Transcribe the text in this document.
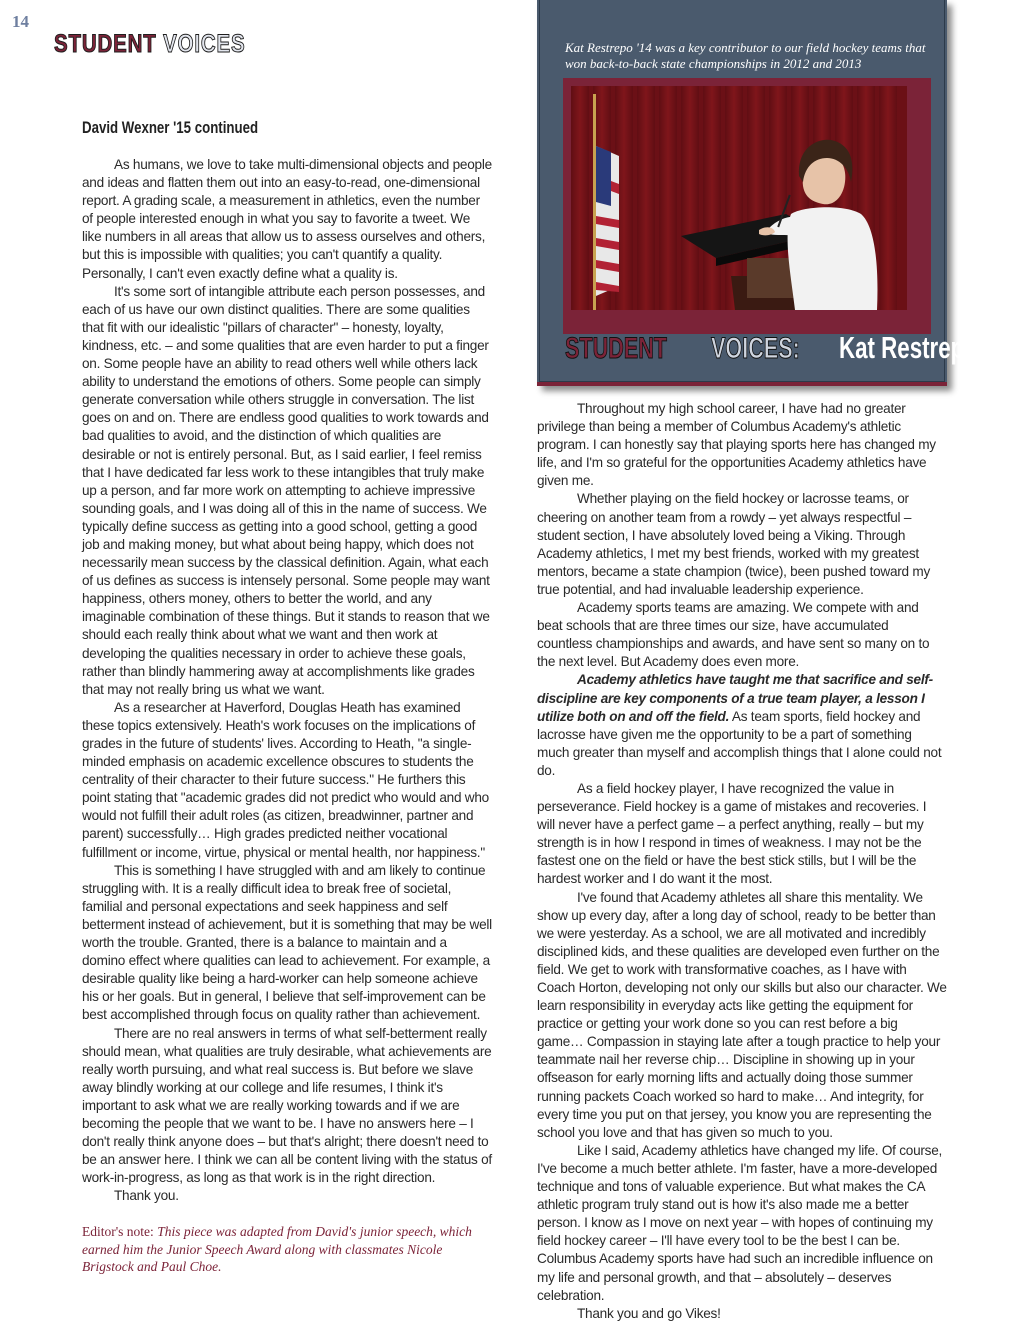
14
STUDENT VOICES
David Wexner '15 continued

As humans, we love to take multi-dimensional objects and people and ideas and flatten them out into an easy-to-read, one-dimensional report. A grading scale, a measurement in athletics, even the number of people interested enough in what you say to favorite a tweet. We like numbers in all areas that allow us to assess ourselves and others, but this is impossible with qualities; you can't quantify a quality. Personally, I can't even exactly define what a quality is.

It's some sort of intangible attribute each person possesses, and each of us have our own distinct qualities. There are some qualities that fit with our idealistic "pillars of character" – honesty, loyalty, kindness, etc. – and some qualities that are even harder to put a finger on. Some people have an ability to read others well while others lack ability to understand the emotions of others. Some people can simply generate conversation while others struggle in conversation. The list goes on and on. There are endless good qualities to work towards and bad qualities to avoid, and the distinction of which qualities are desirable or not is entirely personal. But, as I said earlier, I feel remiss that I have dedicated far less work to these intangibles that truly make up a person, and far more work on attempting to achieve impressive sounding goals, and I was doing all of this in the name of success. We typically define success as getting into a good school, getting a good job and making money, but what about being happy, which does not necessarily mean success by the classical definition. Again, what each of us defines as success is intensely personal. Some people may want happiness, others money, others to better the world, and any imaginable combination of these things. But it stands to reason that we should each really think about what we want and then work at developing the qualities necessary in order to achieve these goals, rather than blindly hammering away at accomplishments like grades that may not really bring us what we want.

As a researcher at Haverford, Douglas Heath has examined these topics extensively. Heath's work focuses on the implications of grades in the future of students' lives. According to Heath, "a single-minded emphasis on academic excellence obscures to students the centrality of their character to their future success." He furthers this point stating that "academic grades did not predict who would and who would not fulfill their adult roles (as citizen, breadwinner, partner and parent) successfully… High grades predicted neither vocational fulfillment or income, virtue, physical or mental health, nor happiness."

This is something I have struggled with and am likely to continue struggling with. It is a really difficult idea to break free of societal, familial and personal expectations and seek happiness and self betterment instead of achievement, but it is something that may be well worth the trouble. Granted, there is a balance to maintain and a domino effect where qualities can lead to achievement. For example, a desirable quality like being a hard-worker can help someone achieve his or her goals. But in general, I believe that self-improvement can be best accomplished through focus on quality rather than achievement.

There are no real answers in terms of what self-betterment really should mean, what qualities are truly desirable, what achievements are really worth pursuing, and what real success is. But before we slave away blindly working at our college and life resumes, I think it's important to ask what we are really working towards and if we are becoming the people that we want to be. I have no answers here – I don't really think anyone does – but that's alright; there doesn't need to be an answer here. I think we can all be content living with the status of work-in-progress, as long as that work is in the right direction.

Thank you.

Editor's note: This piece was adapted from David's junior speech, which earned him the Junior Speech Award along with classmates Nicole Brigstock and Paul Choe.
Kat Restrepo '14 was a key contributor to our field hockey teams that won back-to-back state championships in 2012 and 2013
STUDENT VOICES: Kat Restrepo '14

Throughout my high school career, I have had no greater privilege than being a member of Columbus Academy's athletic program. I can honestly say that playing sports here has changed my life, and I'm so grateful for the opportunities Academy athletics have given me.

Whether playing on the field hockey or lacrosse teams, or cheering on another team from a rowdy – yet always respectful – student section, I have absolutely loved being a Viking. Through Academy athletics, I met my best friends, worked with my greatest mentors, became a state champion (twice), been pushed toward my true potential, and had invaluable leadership experience.

Academy sports teams are amazing. We compete with and beat schools that are three times our size, have accumulated countless championships and awards, and have sent so many on to the next level. But Academy does even more.

Academy athletics have taught me that sacrifice and self-discipline are key components of a true team player, a lesson I utilize both on and off the field. As team sports, field hockey and lacrosse have given me the opportunity to be a part of something much greater than myself and accomplish things that I alone could not do.

As a field hockey player, I have recognized the value in perseverance. Field hockey is a game of mistakes and recoveries. I will never have a perfect game – a perfect anything, really – but my strength is in how I respond in times of weakness. I may not be the fastest one on the field or have the best stick stills, but I will be the hardest worker and I do want it the most.

I've found that Academy athletes all share this mentality. We show up every day, after a long day of school, ready to be better than we were yesterday. As a school, we are all motivated and incredibly disciplined kids, and these qualities are developed even further on the field. We get to work with transformative coaches, as I have with Coach Horton, developing not only our skills but also our character. We learn responsibility in everyday acts like getting the equipment for practice or getting your work done so you can rest before a big game… Compassion in staying late after a tough practice to help your teammate nail her reverse chip… Discipline in showing up in your offseason for early morning lifts and actually doing those summer running packets Coach worked so hard to make… And integrity, for every time you put on that jersey, you know you are representing the school you love and that has given so much to you.

Like I said, Academy athletics have changed my life. Of course, I've become a much better athlete. I'm faster, have a more-developed technique and tons of valuable experience. But what makes the CA athletic program truly stand out is how it's also made me a better person. I know as I move on next year – with hopes of continuing my field hockey career – I'll have every tool to be the best I can be. Columbus Academy sports have had such an incredible influence on my life and personal growth, and that – absolutely – deserves celebration.

Thank you and go Vikes!
